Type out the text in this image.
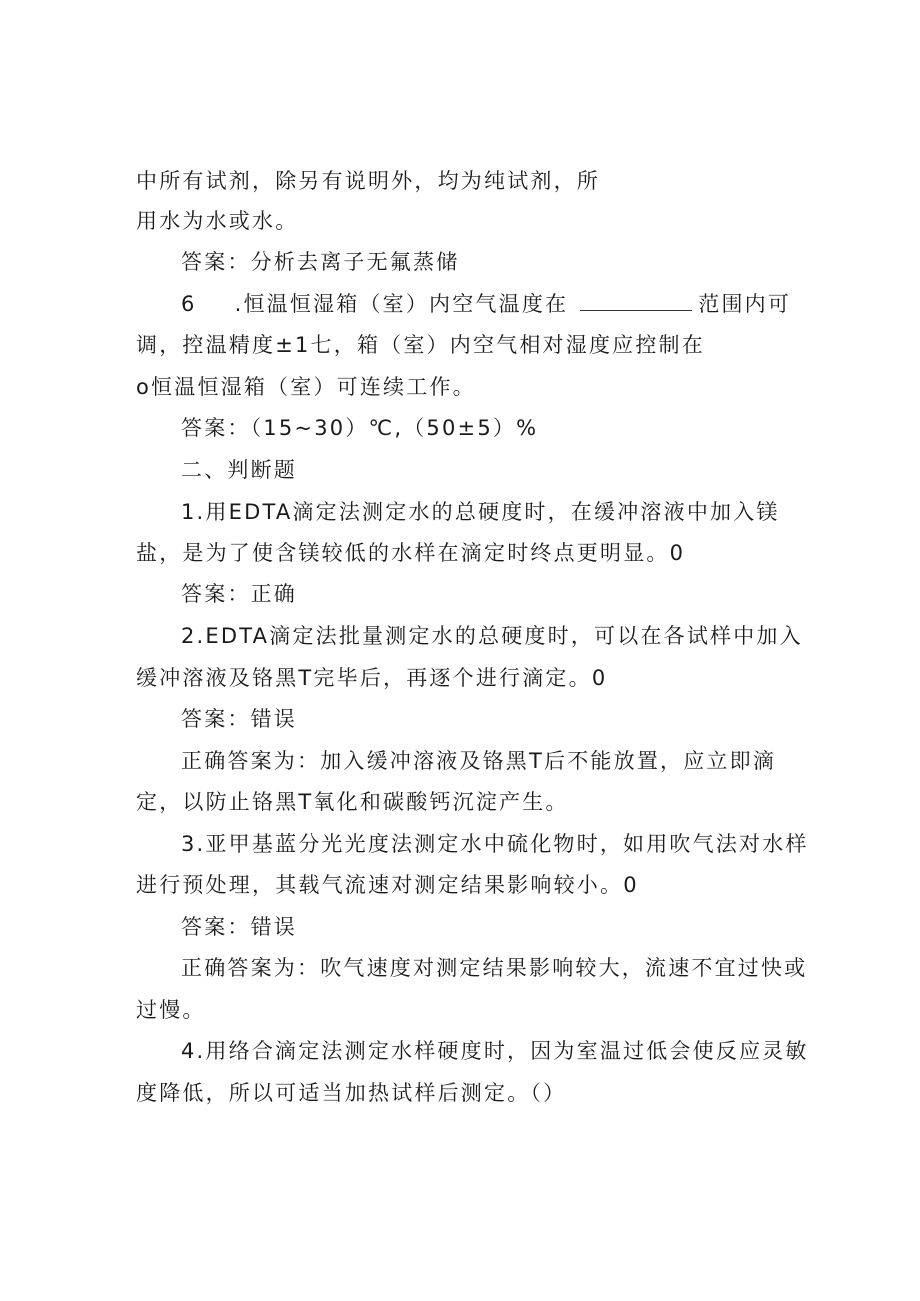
中所有试剂，除另有说明外，均为纯试剂，所

用水为水或水。

答案：分析去离子无氟蒸储

6 .恒温恒湿箱（室）内空气温度在	范围内可

调，控温精度±1七，箱（室）内空气相对湿度应控制在

o恒温恒湿箱（室）可连续工作。

答案：（15~30）℃,（50±5）%

二、判断题

1.用EDTA滴定法测定水的总硬度时，在缓冲溶液中加入镁

盐，是为了使含镁较低的水样在滴定时终点更明显。0

答案：正确

2.EDTA滴定法批量测定水的总硬度时，可以在各试样中加入

缓冲溶液及铬黑T完毕后，再逐个进行滴定。0

答案：错误

正确答案为：加入缓冲溶液及铬黑T后不能放置，应立即滴

定，以防止铬黑T氧化和碳酸钙沉淀产生。

3.亚甲基蓝分光光度法测定水中硫化物时，如用吹气法对水样

进行预处理，其载气流速对测定结果影响较小。0

答案：错误

正确答案为：吹气速度对测定结果影响较大，流速不宜过快或

过慢。

4.用络合滴定法测定水样硬度时，因为室温过低会使反应灵敏

度降低，所以可适当加热试样后测定。（）
